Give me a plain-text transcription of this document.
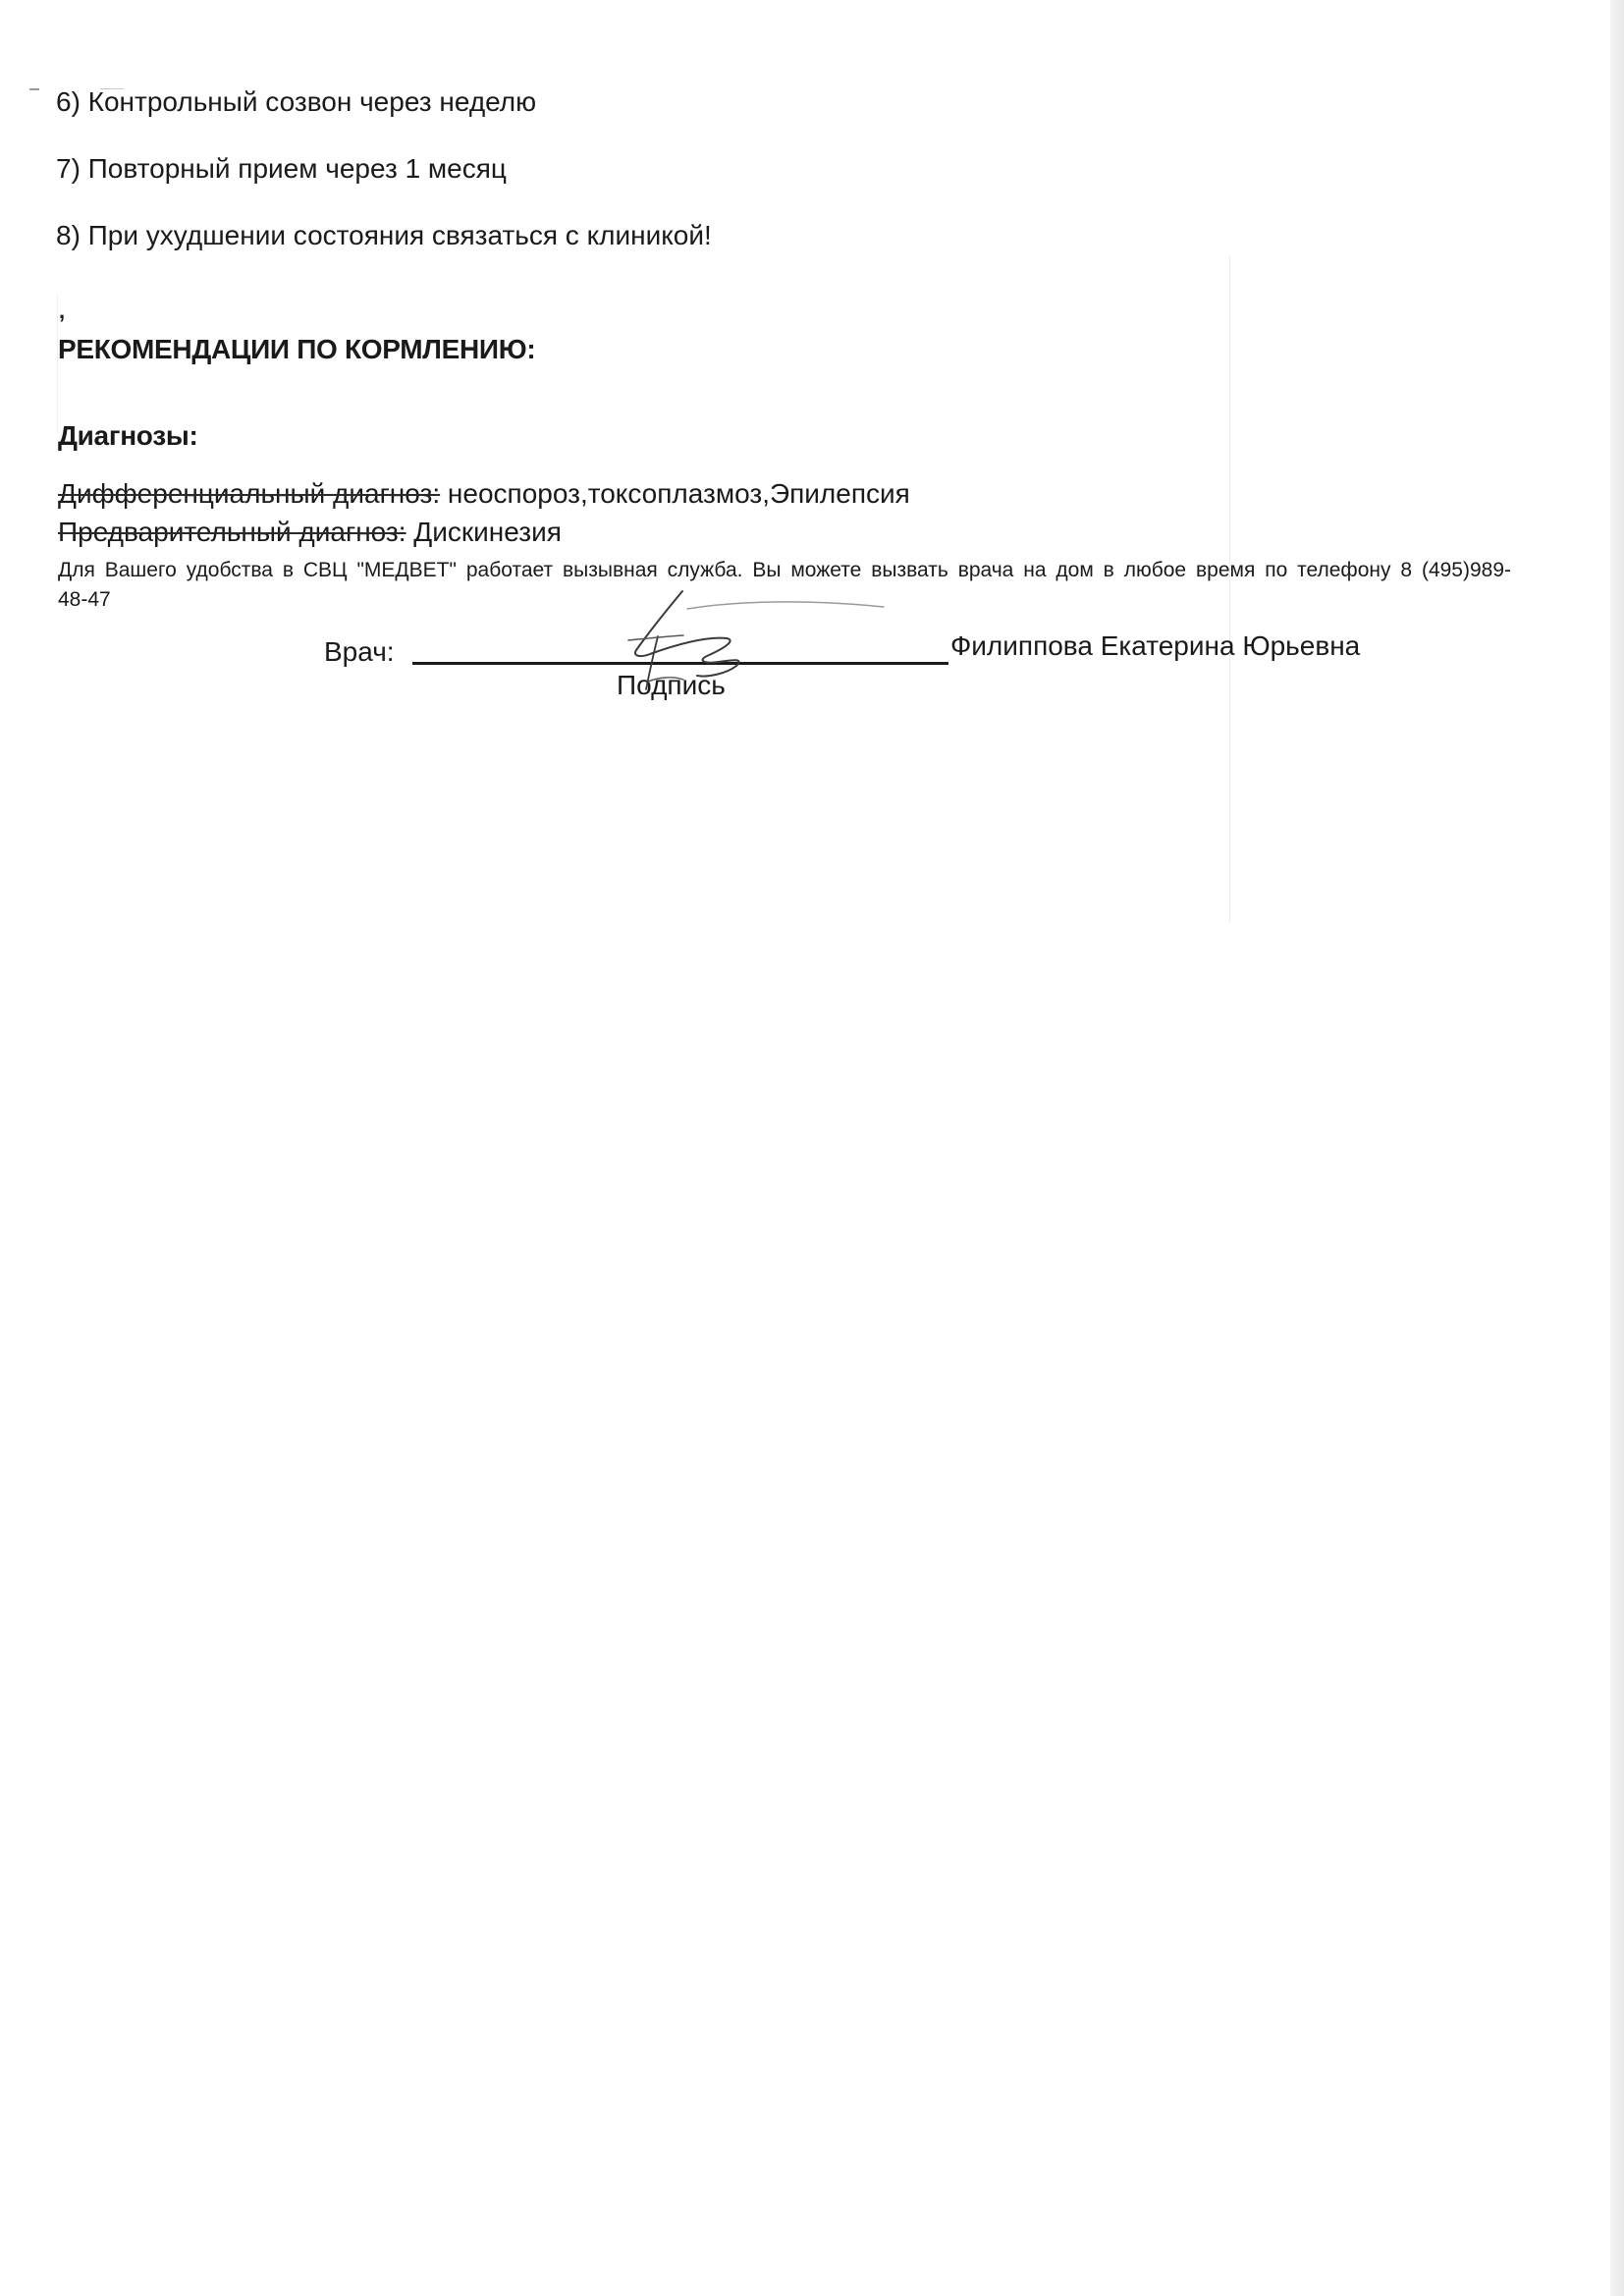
6) Контрольный созвон через неделю
7) Повторный прием через 1 месяц
8) При ухудшении состояния связаться с клиникой!
,
РЕКОМЕНДАЦИИ ПО КОРМЛЕНИЮ:
Диагнозы:
Дифференциальный диагноз: неоспороз,токсоплазмоз,Эпилепсия
Предварительный диагноз: Дискинезия
Для Вашего удобства в СВЦ "МЕДВЕТ" работает вызывная служба. Вы можете вызвать врача на дом в любое время по телефону 8 (495)989-48-47
Врач:	Филиппова Екатерина Юрьевна
Подпись
